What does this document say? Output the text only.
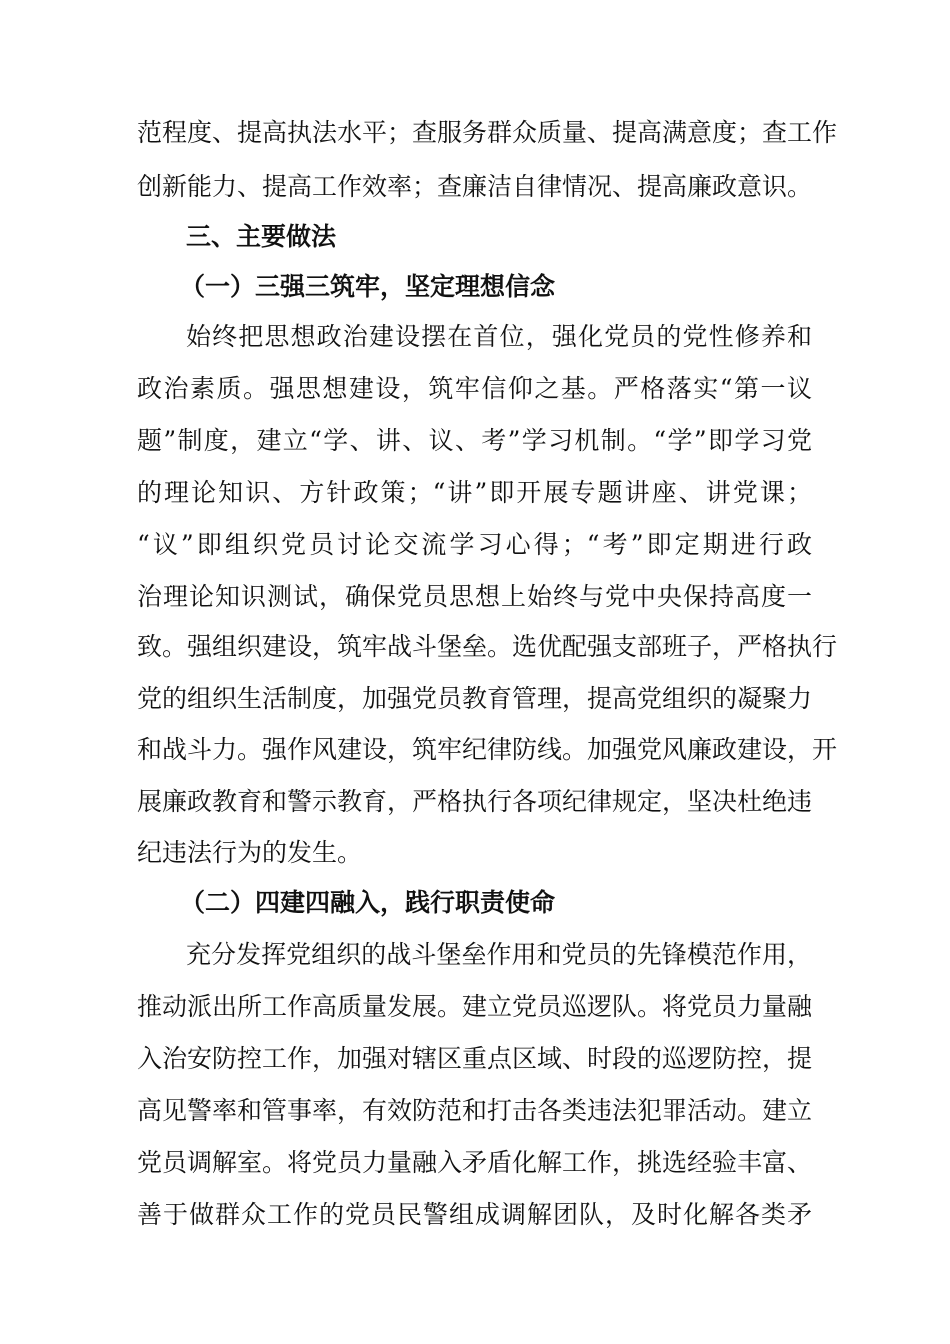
范程度、提高执法水平；查服务群众质量、提高满意度；查工作
创新能力、提高工作效率；查廉洁自律情况、提高廉政意识。
三、主要做法
（一）三强三筑牢，坚定理想信念
始终把思想政治建设摆在首位，强化党员的党性修养和
政治素质。强思想建设，筑牢信仰之基。严格落实“第一议
题”制度，建立“学、讲、议、考”学习机制。“学”即学习党
的理论知识、方针政策；“讲”即开展专题讲座、讲党课；
“议”即组织党员讨论交流学习心得；“考”即定期进行政
治理论知识测试，确保党员思想上始终与党中央保持高度一
致。强组织建设，筑牢战斗堡垒。选优配强支部班子，严格执行
党的组织生活制度，加强党员教育管理，提高党组织的凝聚力
和战斗力。强作风建设，筑牢纪律防线。加强党风廉政建设，开
展廉政教育和警示教育，严格执行各项纪律规定，坚决杜绝违
纪违法行为的发生。
（二）四建四融入，践行职责使命
充分发挥党组织的战斗堡垒作用和党员的先锋模范作用，
推动派出所工作高质量发展。建立党员巡逻队。将党员力量融
入治安防控工作，加强对辖区重点区域、时段的巡逻防控，提
高见警率和管事率，有效防范和打击各类违法犯罪活动。建立
党员调解室。将党员力量融入矛盾化解工作，挑选经验丰富、
善于做群众工作的党员民警组成调解团队，及时化解各类矛
